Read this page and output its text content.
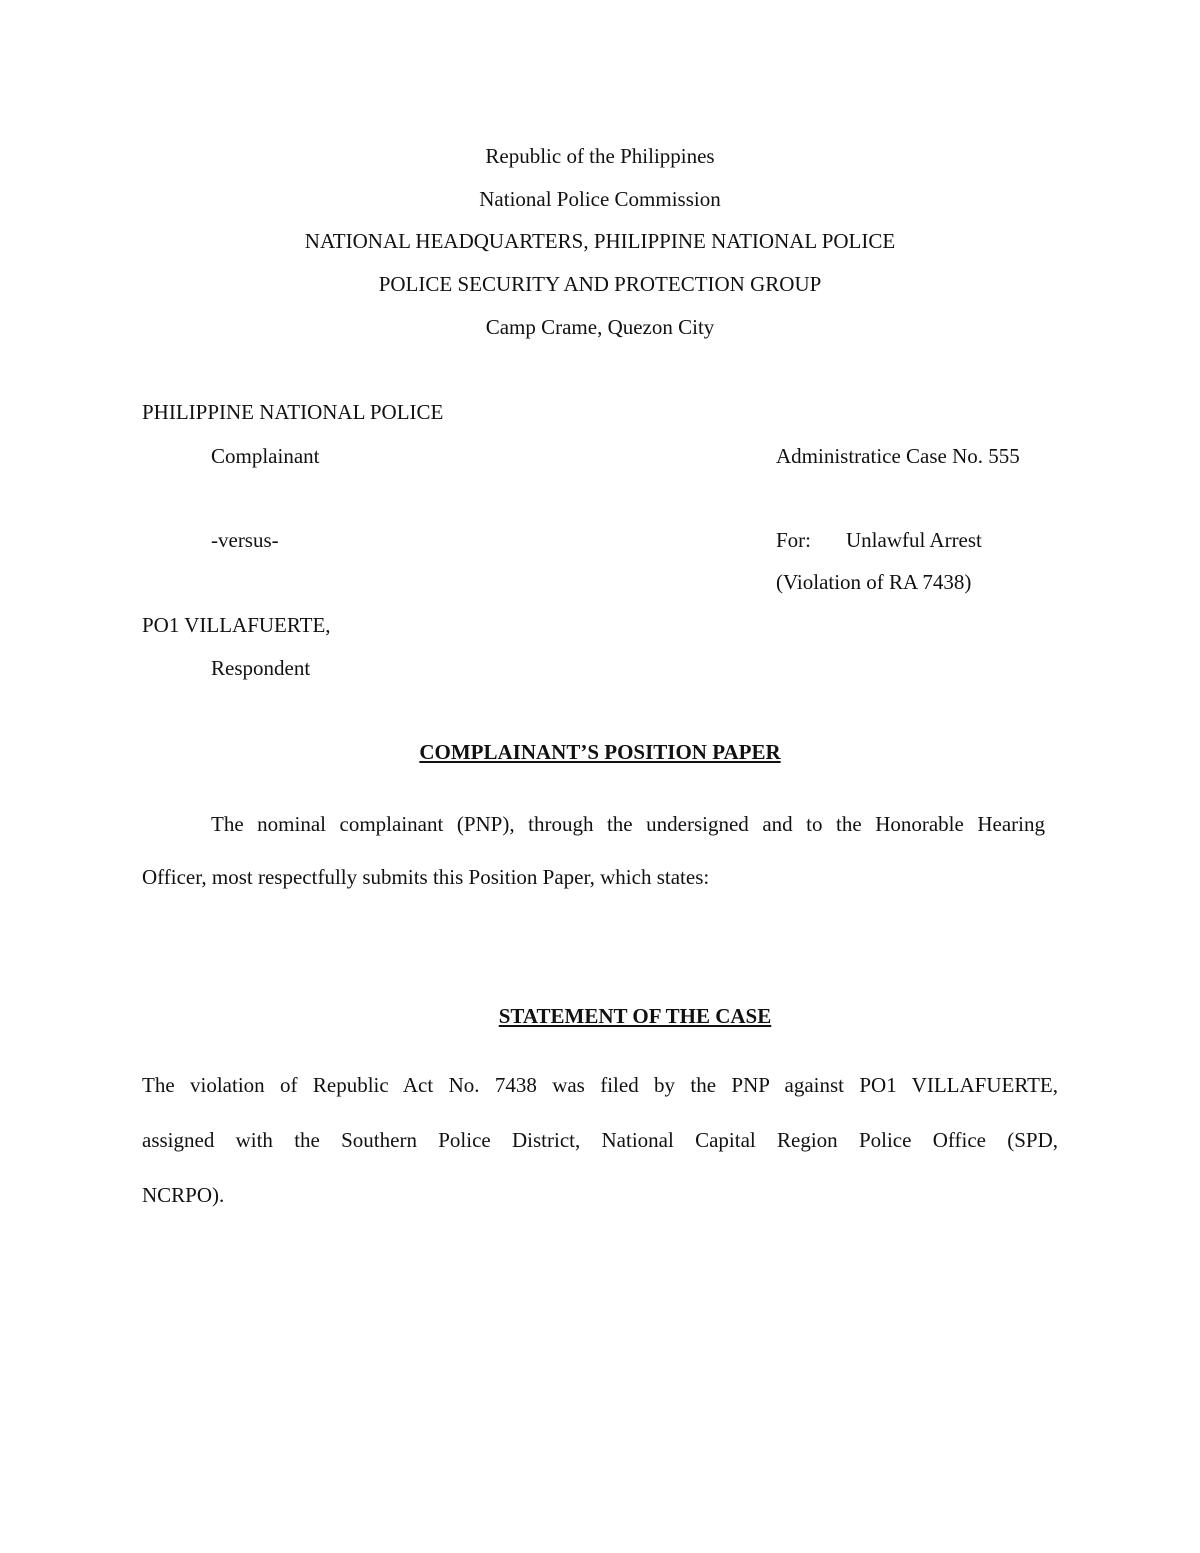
Republic of the Philippines
National Police Commission
NATIONAL HEADQUARTERS, PHILIPPINE NATIONAL POLICE
POLICE SECURITY AND PROTECTION GROUP
Camp Crame, Quezon City
PHILIPPINE NATIONAL POLICE
Complainant	Administratice Case No. 555
-versus-	For: Unlawful Arrest
(Violation of RA 7438)
PO1 VILLAFUERTE,
Respondent
COMPLAINANT’S POSITION PAPER
The nominal complainant (PNP), through the undersigned and to the Honorable Hearing
Officer, most respectfully submits this Position Paper, which states:
STATEMENT OF THE CASE
The violation of Republic Act No. 7438 was filed by the PNP against PO1 VILLAFUERTE,
assigned with the Southern Police District, National Capital Region Police Office (SPD,
NCRPO).
